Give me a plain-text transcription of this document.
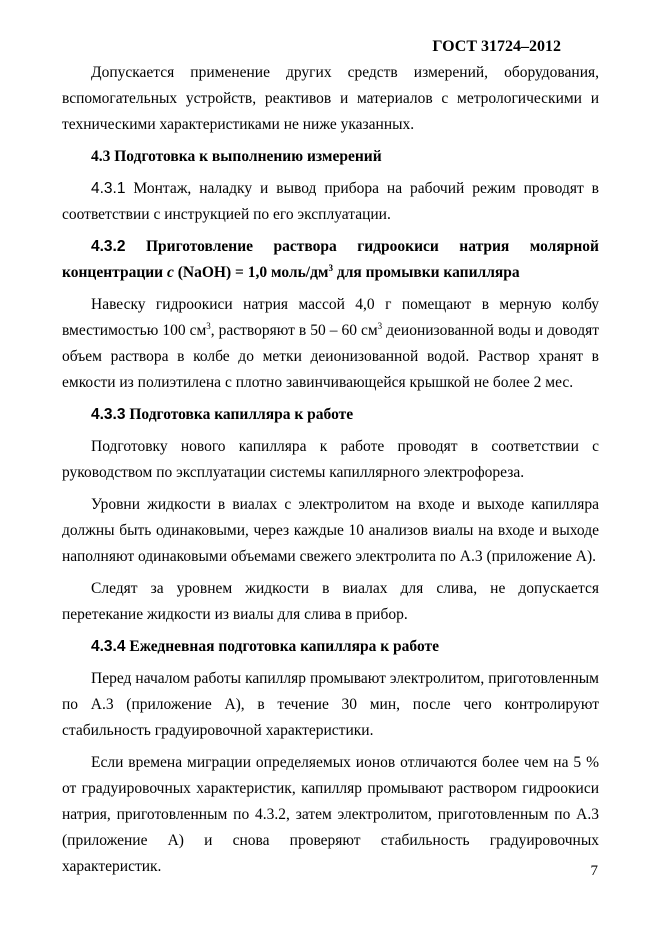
ГОСТ 31724–2012

Допускается применение других средств измерений, оборудования, вспомогательных устройств, реактивов и материалов с метрологическими и техническими характеристиками не ниже указанных.

4.3 Подготовка к выполнению измерений

4.3.1 Монтаж, наладку и вывод прибора на рабочий режим проводят в соответствии с инструкцией по его эксплуатации.

4.3.2 Приготовление раствора гидроокиси натрия молярной концентрации c (NaOH) = 1,0 моль/$дм^3$ для промывки капилляра

Навеску гидроокиси натрия массой 4,0 г помещают в мерную колбу вместимостью 100 $см^3$, растворяют в 50 – 60 $см^3$ деионизованной воды и доводят объем раствора в колбе до метки деионизованной водой. Раствор хранят в емкости из полиэтилена с плотно завинчивающейся крышкой не более 2 мес.

4.3.3 Подготовка капилляра к работе

Подготовку нового капилляра к работе проводят в соответствии с руководством по эксплуатации системы капиллярного электрофореза.

Уровни жидкости в виалах с электролитом на входе и выходе капилляра должны быть одинаковыми, через каждые 10 анализов виалы на входе и выходе наполняют одинаковыми объемами свежего электролита по А.3 (приложение А).

Следят за уровнем жидкости в виалах для слива, не допускается перетекание жидкости из виалы для слива в прибор.

4.3.4 Ежедневная подготовка капилляра к работе

Перед началом работы капилляр промывают электролитом, приготовленным по А.3 (приложение А), в течение 30 мин, после чего контролируют стабильность градуировочной характеристики.

Если времена миграции определяемых ионов отличаются более чем на 5 % от градуировочных характеристик, капилляр промывают раствором гидроокиси натрия, приготовленным по 4.3.2, затем электролитом, приготовленным по А.3 (приложение А) и снова проверяют стабильность градуировочных характеристик.	7
